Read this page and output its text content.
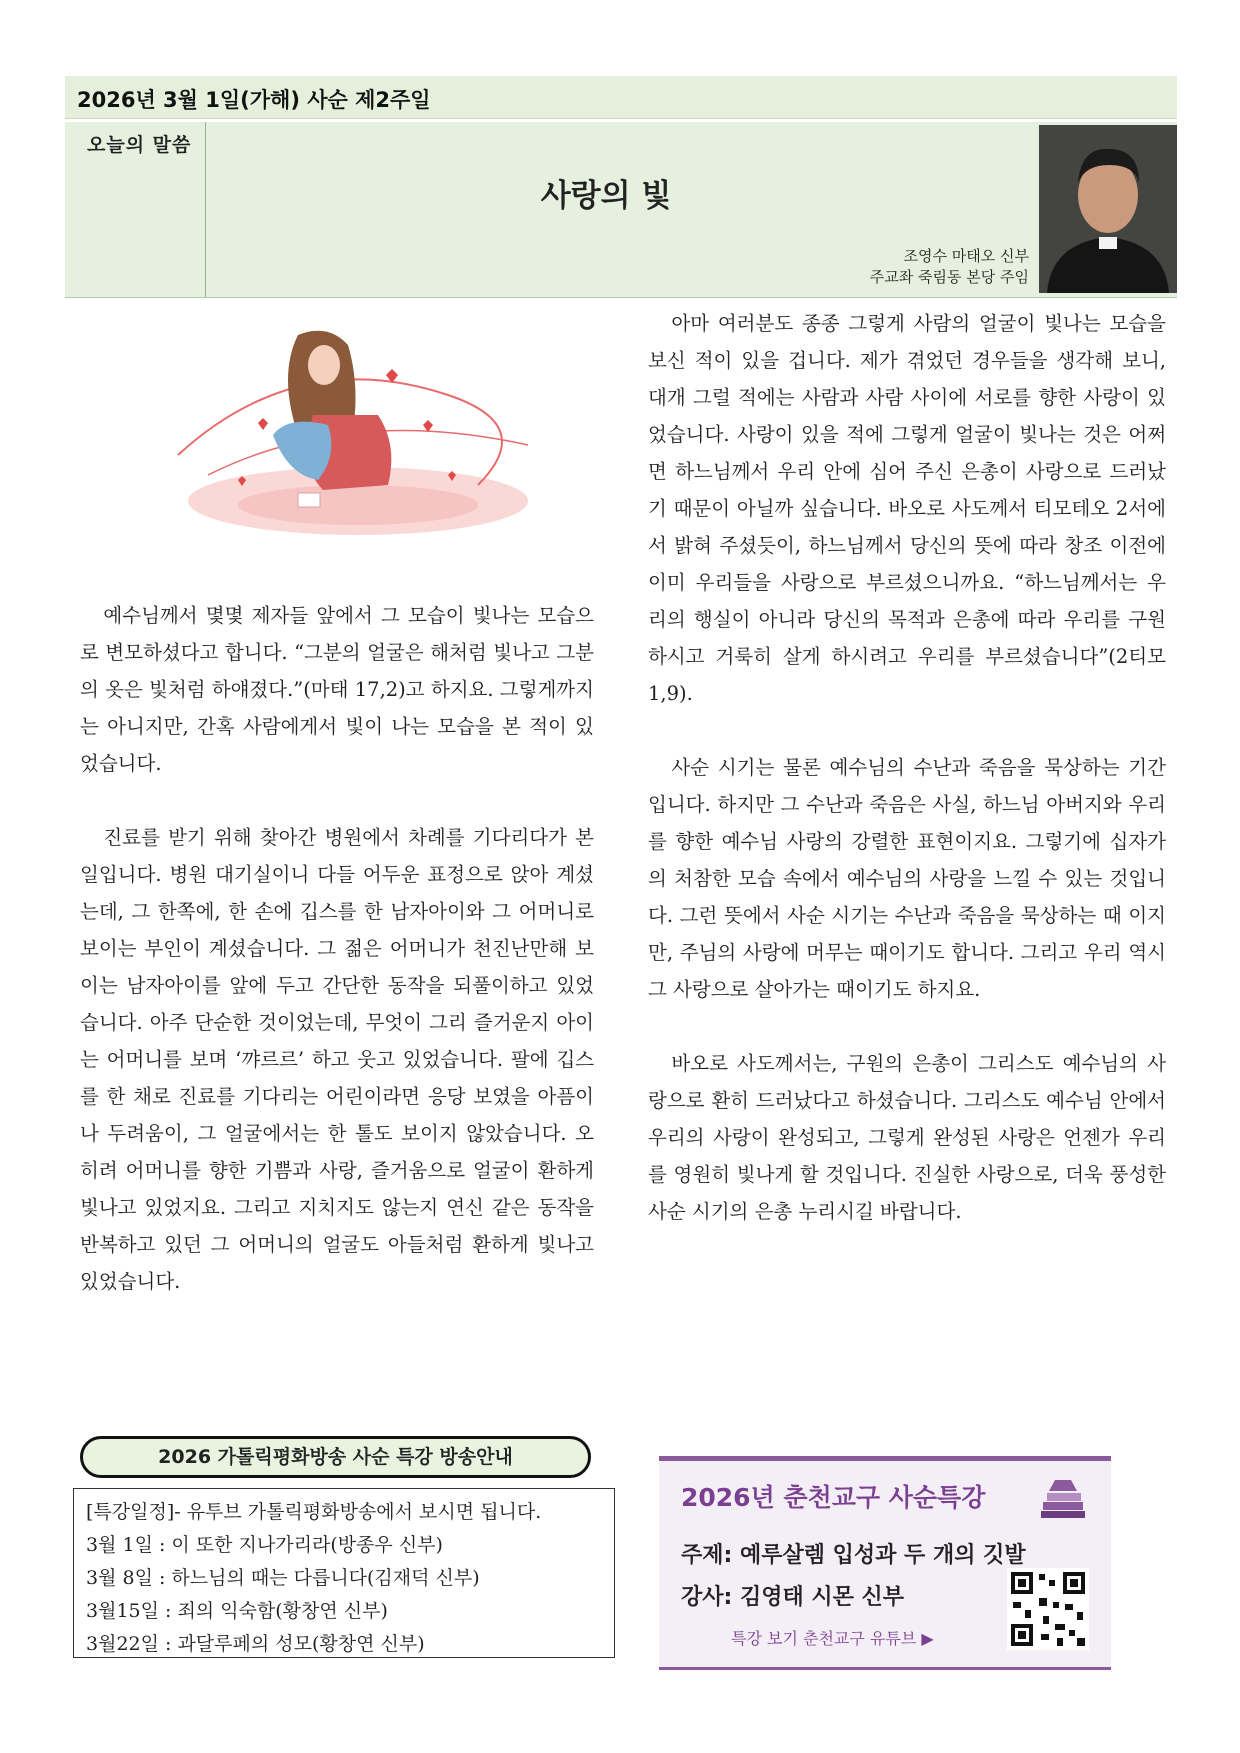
2026년 3월 1일(가해) 사순 제2주일
오늘의 말씀
사랑의 빛
조영수 마태오 신부
주교좌 죽림동 본당 주임

예수님께서 몇몇 제자들 앞에서 그 모습이 빛나는 모습으로 변모하셨다고 합니다. “그분의 얼굴은 해처럼 빛나고 그분의 옷은 빛처럼 하얘졌다.”(마태 17,2)고 하지요. 그렇게까지는 아니지만, 간혹 사람에게서 빛이 나는 모습을 본 적이 있었습니다.

진료를 받기 위해 찾아간 병원에서 차례를 기다리다가 본 일입니다. 병원 대기실이니 다들 어두운 표정으로 앉아 계셨는데, 그 한쪽에, 한 손에 깁스를 한 남자아이와 그 어머니로 보이는 부인이 계셨습니다. 그 젊은 어머니가 천진난만해 보이는 남자아이를 앞에 두고 간단한 동작을 되풀이하고 있었습니다. 아주 단순한 것이었는데, 무엇이 그리 즐거운지 아이는 어머니를 보며 ‘꺄르르’ 하고 웃고 있었습니다. 팔에 깁스를 한 채로 진료를 기다리는 어린이라면 응당 보였을 아픔이나 두려움이, 그 얼굴에서는 한 톨도 보이지 않았습니다. 오히려 어머니를 향한 기쁨과 사랑, 즐거움으로 얼굴이 환하게 빛나고 있었지요. 그리고 지치지도 않는지 연신 같은 동작을 반복하고 있던 그 어머니의 얼굴도 아들처럼 환하게 빛나고 있었습니다.

아마 여러분도 종종 그렇게 사람의 얼굴이 빛나는 모습을 보신 적이 있을 겁니다. 제가 겪었던 경우들을 생각해 보니, 대개 그럴 적에는 사람과 사람 사이에 서로를 향한 사랑이 있었습니다. 사랑이 있을 적에 그렇게 얼굴이 빛나는 것은 어쩌면 하느님께서 우리 안에 심어 주신 은총이 사랑으로 드러났기 때문이 아닐까 싶습니다. 바오로 사도께서 티모테오 2서에서 밝혀 주셨듯이, 하느님께서 당신의 뜻에 따라 창조 이전에 이미 우리들을 사랑으로 부르셨으니까요. “하느님께서는 우리의 행실이 아니라 당신의 목적과 은총에 따라 우리를 구원하시고 거룩히 살게 하시려고 우리를 부르셨습니다”(2티모 1,9).

사순 시기는 물론 예수님의 수난과 죽음을 묵상하는 기간입니다. 하지만 그 수난과 죽음은 사실, 하느님 아버지와 우리를 향한 예수님 사랑의 강렬한 표현이지요. 그렇기에 십자가의 처참한 모습 속에서 예수님의 사랑을 느낄 수 있는 것입니다. 그런 뜻에서 사순 시기는 수난과 죽음을 묵상하는 때 이지만, 주님의 사랑에 머무는 때이기도 합니다. 그리고 우리 역시 그 사랑으로 살아가는 때이기도 하지요.

바오로 사도께서는, 구원의 은총이 그리스도 예수님의 사랑으로 환히 드러났다고 하셨습니다. 그리스도 예수님 안에서 우리의 사랑이 완성되고, 그렇게 완성된 사랑은 언젠가 우리를 영원히 빛나게 할 것입니다. 진실한 사랑으로, 더욱 풍성한 사순 시기의 은총 누리시길 바랍니다.

2026 가톨릭평화방송 사순 특강 방송안내
[특강일정]- 유투브 가톨릭평화방송에서 보시면 됩니다.
3월 1일 : 이 또한 지나가리라(방종우 신부)
3월 8일 : 하느님의 때는 다릅니다(김재덕 신부)
3월15일 : 죄의 익숙함(황창연 신부)
3월22일 : 과달루페의 성모(황창연 신부)
2026년 춘천교구 사순특강
주제: 예루살렘 입성과 두 개의 깃발
강사: 김영태 시몬 신부
특강 보기 춘천교구 유튜브 ▶
